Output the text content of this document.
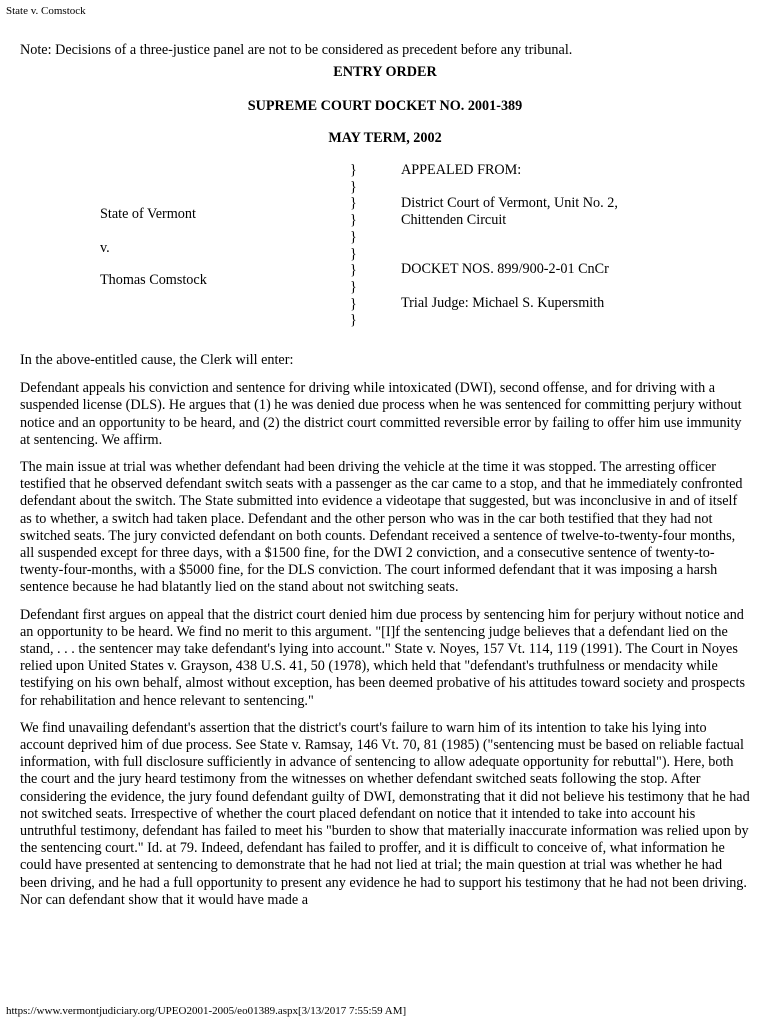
State v. Comstock

Note: Decisions of a three-justice panel are not to be considered as precedent before any tribunal.

ENTRY ORDER

SUPREME COURT DOCKET NO. 2001-389

MAY TERM, 2002

}
}
}
}
}
}
}
}
}
}
State of Vermont
v.
Thomas Comstock
APPEALED FROM:
District Court of Vermont, Unit No. 2,
Chittenden Circuit
DOCKET NOS. 899/900-2-01 CnCr
Trial Judge: Michael S. Kupersmith

In the above-entitled cause, the Clerk will enter:

Defendant appeals his conviction and sentence for driving while intoxicated (DWI), second offense, and for driving with a suspended license (DLS). He argues that (1) he was denied due process when he was sentenced for committing perjury without notice and an opportunity to be heard, and (2) the district court committed reversible error by failing to offer him use immunity at sentencing. We affirm.

The main issue at trial was whether defendant had been driving the vehicle at the time it was stopped. The arresting officer testified that he observed defendant switch seats with a passenger as the car came to a stop, and that he immediately confronted defendant about the switch. The State submitted into evidence a videotape that suggested, but was inconclusive in and of itself as to whether, a switch had taken place. Defendant and the other person who was in the car both testified that they had not switched seats. The jury convicted defendant on both counts. Defendant received a sentence of twelve-to-twenty-four months, all suspended except for three days, with a $1500 fine, for the DWI 2 conviction, and a consecutive sentence of twenty-to-twenty-four-months, with a $5000 fine, for the DLS conviction. The court informed defendant that it was imposing a harsh sentence because he had blatantly lied on the stand about not switching seats.

Defendant first argues on appeal that the district court denied him due process by sentencing him for perjury without notice and an opportunity to be heard. We find no merit to this argument. "[I]f the sentencing judge believes that a defendant lied on the stand, . . . the sentencer may take defendant's lying into account." State v. Noyes, 157 Vt. 114, 119 (1991). The Court in Noyes relied upon United States v. Grayson, 438 U.S. 41, 50 (1978), which held that "defendant's truthfulness or mendacity while testifying on his own behalf, almost without exception, has been deemed probative of his attitudes toward society and prospects for rehabilitation and hence relevant to sentencing."

We find unavailing defendant's assertion that the district's court's failure to warn him of its intention to take his lying into account deprived him of due process. See State v. Ramsay, 146 Vt. 70, 81 (1985) ("sentencing must be based on reliable factual information, with full disclosure sufficiently in advance of sentencing to allow adequate opportunity for rebuttal"). Here, both the court and the jury heard testimony from the witnesses on whether defendant switched seats following the stop. After considering the evidence, the jury found defendant guilty of DWI, demonstrating that it did not believe his testimony that he had not switched seats. Irrespective of whether the court placed defendant on notice that it intended to take into account his untruthful testimony, defendant has failed to meet his "burden to show that materially inaccurate information was relied upon by the sentencing court." Id. at 79. Indeed, defendant has failed to proffer, and it is difficult to conceive of, what information he could have presented at sentencing to demonstrate that he had not lied at trial; the main question at trial was whether he had been driving, and he had a full opportunity to present any evidence he had to support his testimony that he had not been driving. Nor can defendant show that it would have made a

https://www.vermontjudiciary.org/UPEO2001-2005/eo01389.aspx[3/13/2017 7:55:59 AM]
